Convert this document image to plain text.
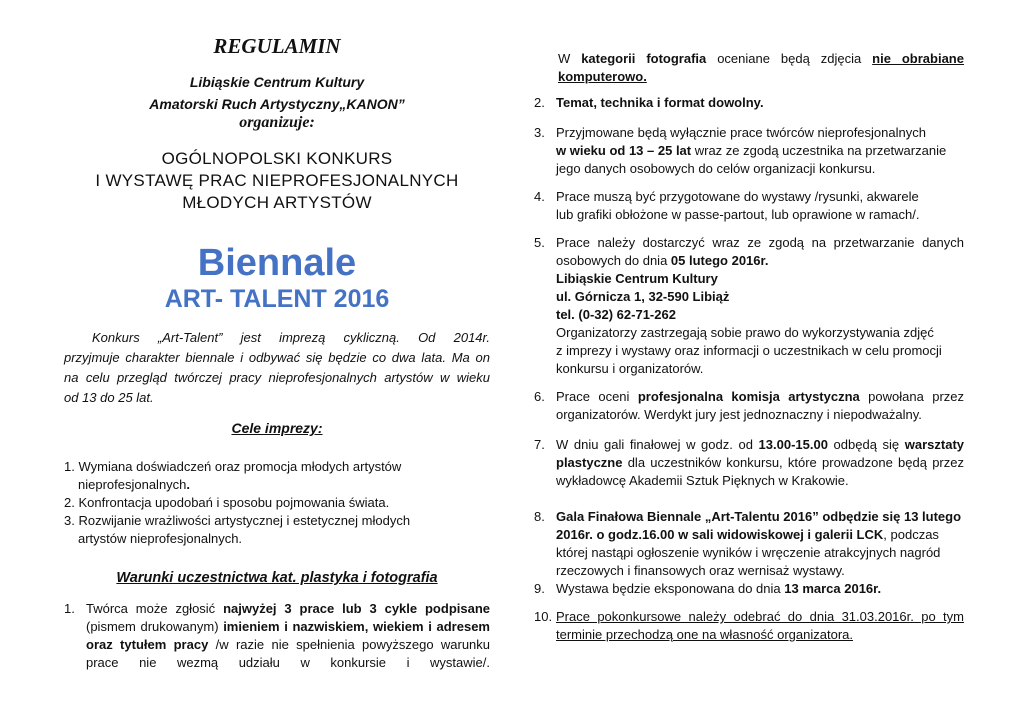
REGULAMIN
Libiąskie Centrum Kultury
Amatorski Ruch Artystyczny„KANON”
organizuje:
OGÓLNOPOLSKI KONKURS
I WYSTAWĘ PRAC NIEPROFESJONALNYCH
MŁODYCH ARTYSTÓW
Biennale
ART- TALENT 2016
Konkurs „Art-Talent” jest imprezą cykliczną. Od 2014r.
przyjmuje charakter biennale i odbywać się będzie co dwa lata. Ma on
na celu przegląd twórczej pracy nieprofesjonalnych artystów w wieku
od 13 do 25 lat.
Cele imprezy:
1. Wymiana doświadczeń oraz promocja młodych artystów
nieprofesjonalnych.
2. Konfrontacja upodobań i sposobu pojmowania świata.
3. Rozwijanie wrażliwości artystycznej i estetycznej młodych
artystów nieprofesjonalnych.
Warunki uczestnictwa kat. plastyka i fotografia
1. Twórca może zgłosić najwyżej 3 prace lub 3 cykle podpisane
(pismem drukowanym) imieniem i nazwiskiem, wiekiem i adresem
oraz tytułem pracy /w razie nie spełnienia powyższego warunku
prace nie wezmą udziału w konkursie i wystawie/.
W kategorii fotografia oceniane będą zdjęcia nie obrabiane
komputerowo.
2. Temat, technika i format dowolny.
3. Przyjmowane będą wyłącznie prace twórców nieprofesjonalnych
w wieku od 13 – 25 lat wraz ze zgodą uczestnika na przetwarzanie
jego danych osobowych do celów organizacji konkursu.
4. Prace muszą być przygotowane do wystawy /rysunki, akwarele
lub grafiki obłożone w passe-partout, lub oprawione w ramach/.
5. Prace należy dostarczyć wraz ze zgodą na przetwarzanie danych
osobowych do dnia 05 lutego 2016r.
Libiąskie Centrum Kultury
ul. Górnicza 1, 32-590 Libiąż
tel. (0-32) 62-71-262
Organizatorzy zastrzegają sobie prawo do wykorzystywania zdjęć
z imprezy i wystawy oraz informacji o uczestnikach w celu promocji
konkursu i organizatorów.
6. Prace oceni profesjonalna komisja artystyczna powołana przez
organizatorów. Werdykt jury jest jednoznaczny i niepodważalny.
7. W dniu gali finałowej w godz. od 13.00-15.00 odbędą się warsztaty
plastyczne dla uczestników konkursu, które prowadzone będą przez
wykładowcę Akademii Sztuk Pięknych w Krakowie.
8. Gala Finałowa Biennale „Art-Talentu 2016” odbędzie się 13 lutego
2016r. o godz.16.00 w sali widowiskowej i galerii LCK, podczas
której nastąpi ogłoszenie wyników i wręczenie atrakcyjnych nagród
rzeczowych i finansowych oraz wernisaż wystawy.
9. Wystawa będzie eksponowana do dnia 13 marca 2016r.
10. Prace pokonkursowe należy odebrać do dnia 31.03.2016r. po tym
terminie przechodzą one na własność organizatora.
